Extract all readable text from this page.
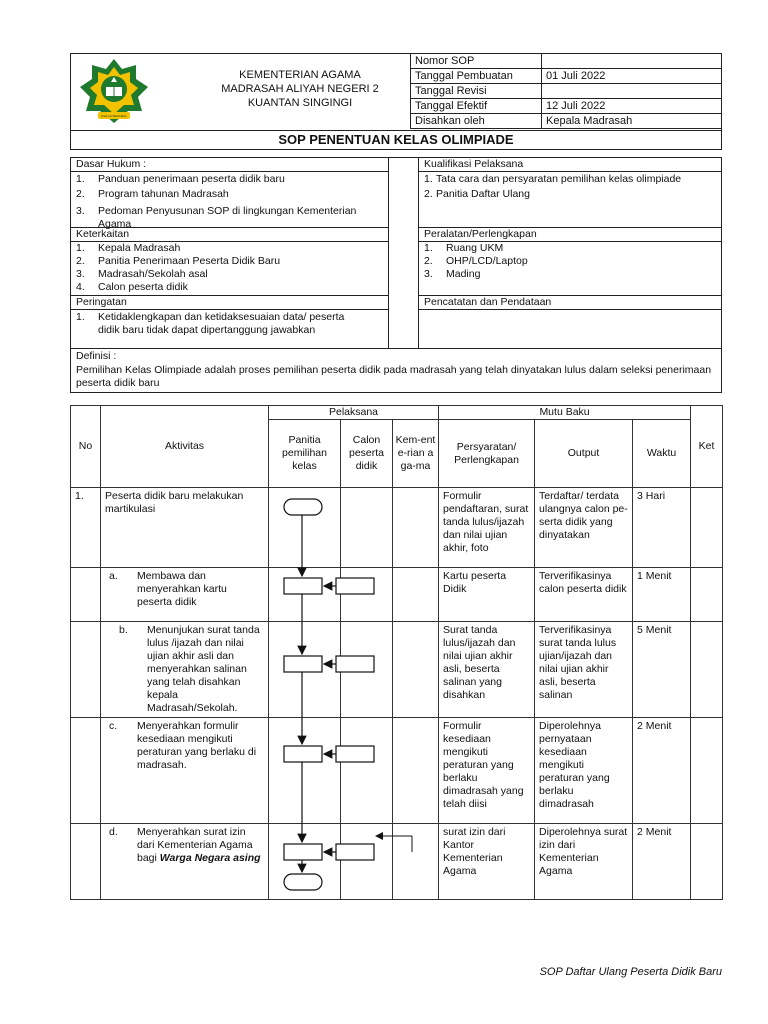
IKHLAS BERAMAL
KEMENTERIAN AGAMA
MADRASAH ALIYAH NEGERI 2
KUANTAN SINGINGI
Nomor SOP	
Tanggal Pembuatan	01 Juli 2022
Tanggal Revisi	
Tanggal Efektif	12 Juli 2022
Disahkan oleh	Kepala Madrasah
SOP PENENTUAN KELAS OLIMPIADE
Dasar Hukum :
1.	Panduan penerimaan peserta didik baru
2.	Program tahunan Madrasah
3.	Pedoman Penyusunan SOP di lingkungan Kementerian Agama
Kualifikasi Pelaksana
1. Tata cara dan persyaratan pemilihan kelas olimpiade
2. Panitia Daftar Ulang
Keterkaitan
1.	Kepala Madrasah
2.	Panitia Penerimaan Peserta Didik Baru
3.	Madrasah/Sekolah asal
4.	Calon peserta didik
Peralatan/Perlengkapan
1.	Ruang UKM
2.	OHP/LCD/Laptop
3.	Mading
Peringatan
1.	Ketidaklengkapan dan ketidaksesuaian data/ peserta didik baru tidak dapat dipertanggung jawabkan
Pencatatan dan Pendataan
Definisi :
Pemilihan Kelas Olimpiade adalah proses pemilihan peserta didik pada madrasah yang telah dinyatakan lulus dalam seleksi penerimaan peserta didik baru
No	Aktivitas	Pelaksana			Mutu Baku			Ket
		Panitia pemilihan kelas	Calon peserta didik	Kem-ente-rian aga-ma	Persyaratan/ Perlengkapan	Output	Waktu	
1.	Peserta didik baru melakukan martikulasi				Formulir pendaftaran, surat tanda lulus/ijazah dan nilai ujian akhir, foto	Terdaftar/ terdata ulangnya calon pe-serta didik yang dinyatakan	3 Hari	

	a. Membawa dan menyerahkan kartu peserta didik				Kartu peserta Didik	Terverifikasinya calon peserta didik	1 Menit	

	b. Menunjukan surat tanda lulus /ijazah dan nilai ujian akhir asli dan menyerahkan salinan yang telah disahkan kepala Madrasah/Sekolah.				Surat tanda lulus/ijazah dan nilai ujian akhir asli, beserta salinan yang disahkan	Terverifikasinya surat tanda lulus ujian/ijazah dan nilai ujian akhir asli, beserta salinan	5 Menit	

	c. Menyerahkan formulir kesediaan mengikuti peraturan yang berlaku di madrasah.				Formulir kesediaan mengikuti peraturan yang berlaku dimadrasah yang telah diisi	Diperolehnya pernyataan kesediaan mengikuti peraturan yang berlaku dimadrasah	2 Menit	

	d. Menyerahkan surat izin dari Kementerian Agama bagi Warga Negara asing				surat izin dari Kantor Kementerian Agama	Diperolehnya surat izin dari Kementerian Agama	2 Menit	
SOP Daftar Ulang Peserta Didik Baru
